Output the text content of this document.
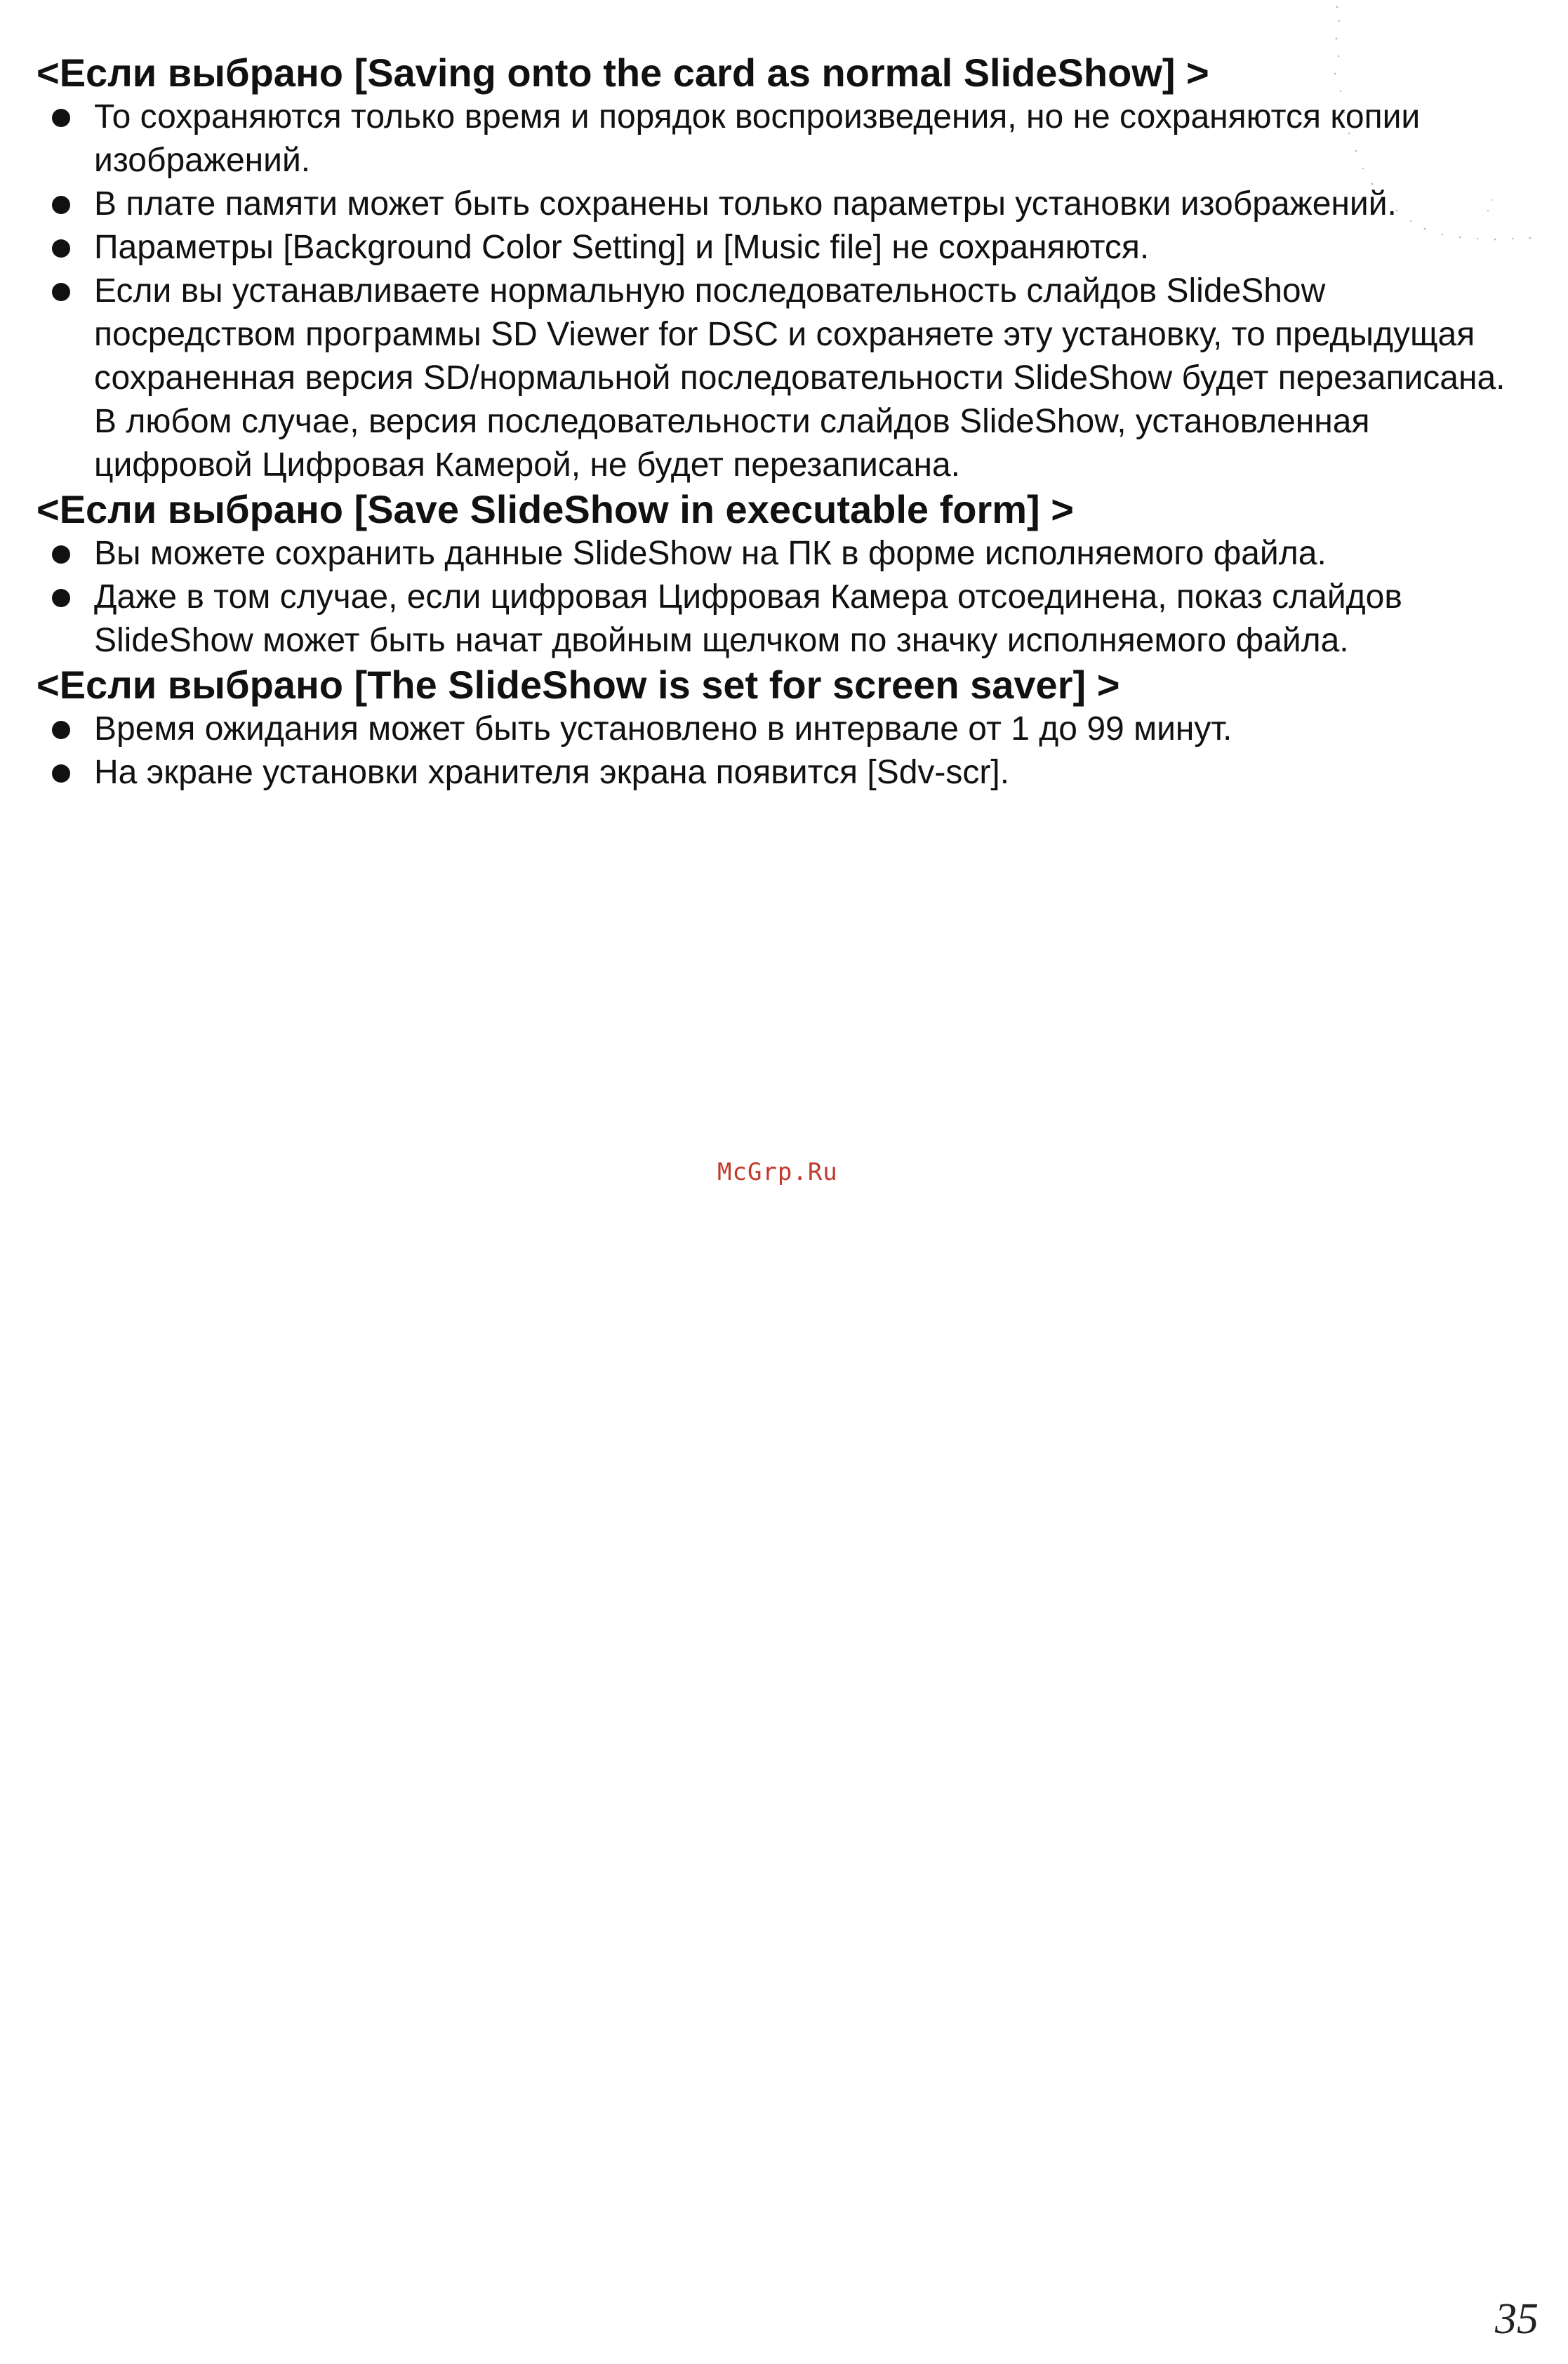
<Если выбрано [Saving onto the card as normal SlideShow] >

То сохраняются только время и порядок воспроизведения, но не сохраняются копии изображений.
В плате памяти может быть сохранены только параметры установки изображений.
Параметры [Background Color Setting] и [Music file] не сохраняются.
Если вы устанавливаете нормальную последовательность слайдов SlideShow посредством программы SD Viewer for DSC и сохраняете эту установку, то предыдущая сохраненная версия SD/нормальной последовательности SlideShow будет перезаписана. В любом случае, версия последовательности слайдов SlideShow, установленная цифровой Цифровая Камерой, не будет перезаписана.

<Если выбрано [Save SlideShow in executable form] >

Вы можете сохранить данные SlideShow на ПК в форме исполняемого файла.
Даже в том случае, если цифровая Цифровая Камера отсоединена, показ слайдов SlideShow может быть начат двойным щелчком по значку исполняемого файла.

<Если выбрано [The SlideShow is set for screen saver] >

Время ожидания может быть установлено в интервале от 1 до 99 минут.
На экране установки хранителя экрана появится [Sdv-scr].
McGrp.Ru
35
